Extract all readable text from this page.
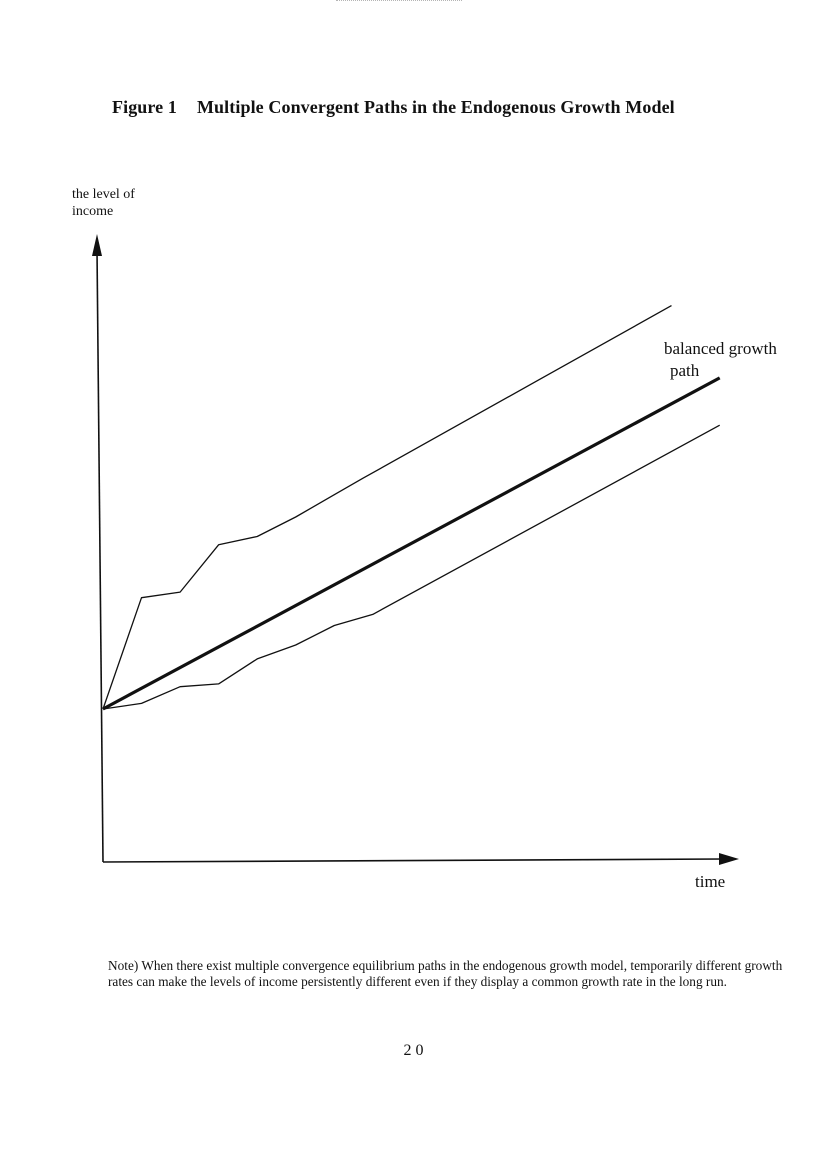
Figure 1 Multiple Convergent Paths in the Endogenous Growth Model
the level of
income
balanced growth
path
time
Note) When there exist multiple convergence equilibrium paths in the endogenous growth model, temporarily different growth rates can make the levels of income persistently different even if they display a common growth rate in the long run.
2 0
